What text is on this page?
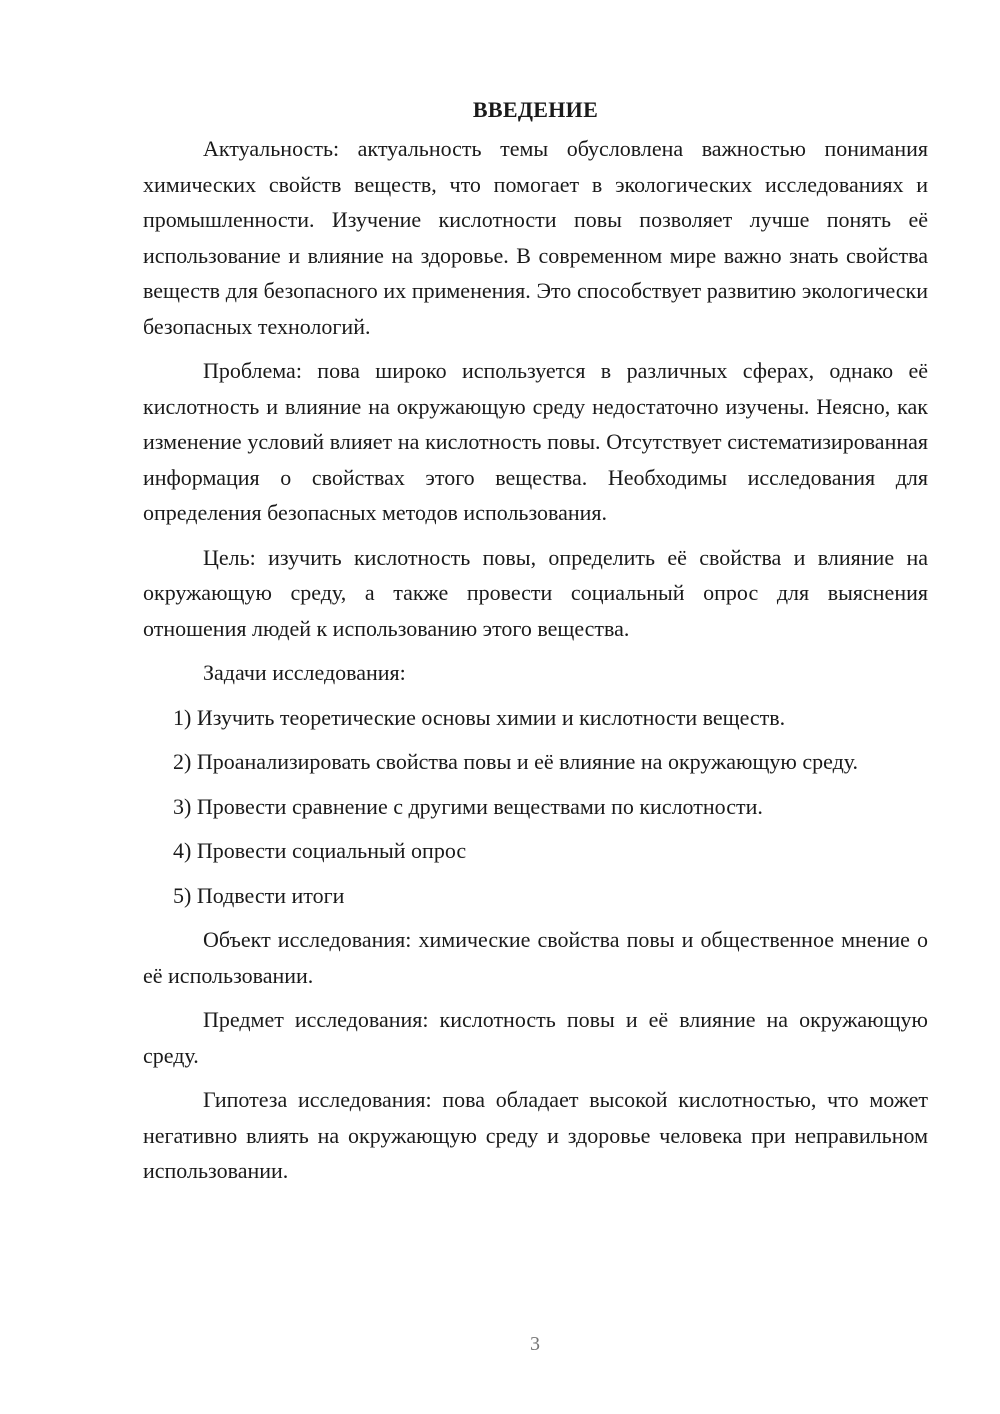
ВВЕДЕНИЕ

Актуальность: актуальность темы обусловлена важностью понимания химических свойств веществ, что помогает в экологических исследованиях и промышленности. Изучение кислотности повы позволяет лучше понять её использование и влияние на здоровье. В современном мире важно знать свойства веществ для безопасного их применения. Это способствует развитию экологически безопасных технологий.

Проблема: пова широко используется в различных сферах, однако её кислотность и влияние на окружающую среду недостаточно изучены. Неясно, как изменение условий влияет на кислотность повы. Отсутствует систематизированная информация о свойствах этого вещества. Необходимы исследования для определения безопасных методов использования.

Цель: изучить кислотность повы, определить её свойства и влияние на окружающую среду, а также провести социальный опрос для выяснения отношения людей к использованию этого вещества.

Задачи исследования:

1) Изучить теоретические основы химии и кислотности веществ.

2) Проанализировать свойства повы и её влияние на окружающую среду.

3) Провести сравнение с другими веществами по кислотности.

4) Провести социальный опрос

5) Подвести итоги

Объект исследования: химические свойства повы и общественное мнение о её использовании.

Предмет исследования: кислотность повы и её влияние на окружающую среду.

Гипотеза исследования: пова обладает высокой кислотностью, что может негативно влиять на окружающую среду и здоровье человека при неправильном использовании.

3
